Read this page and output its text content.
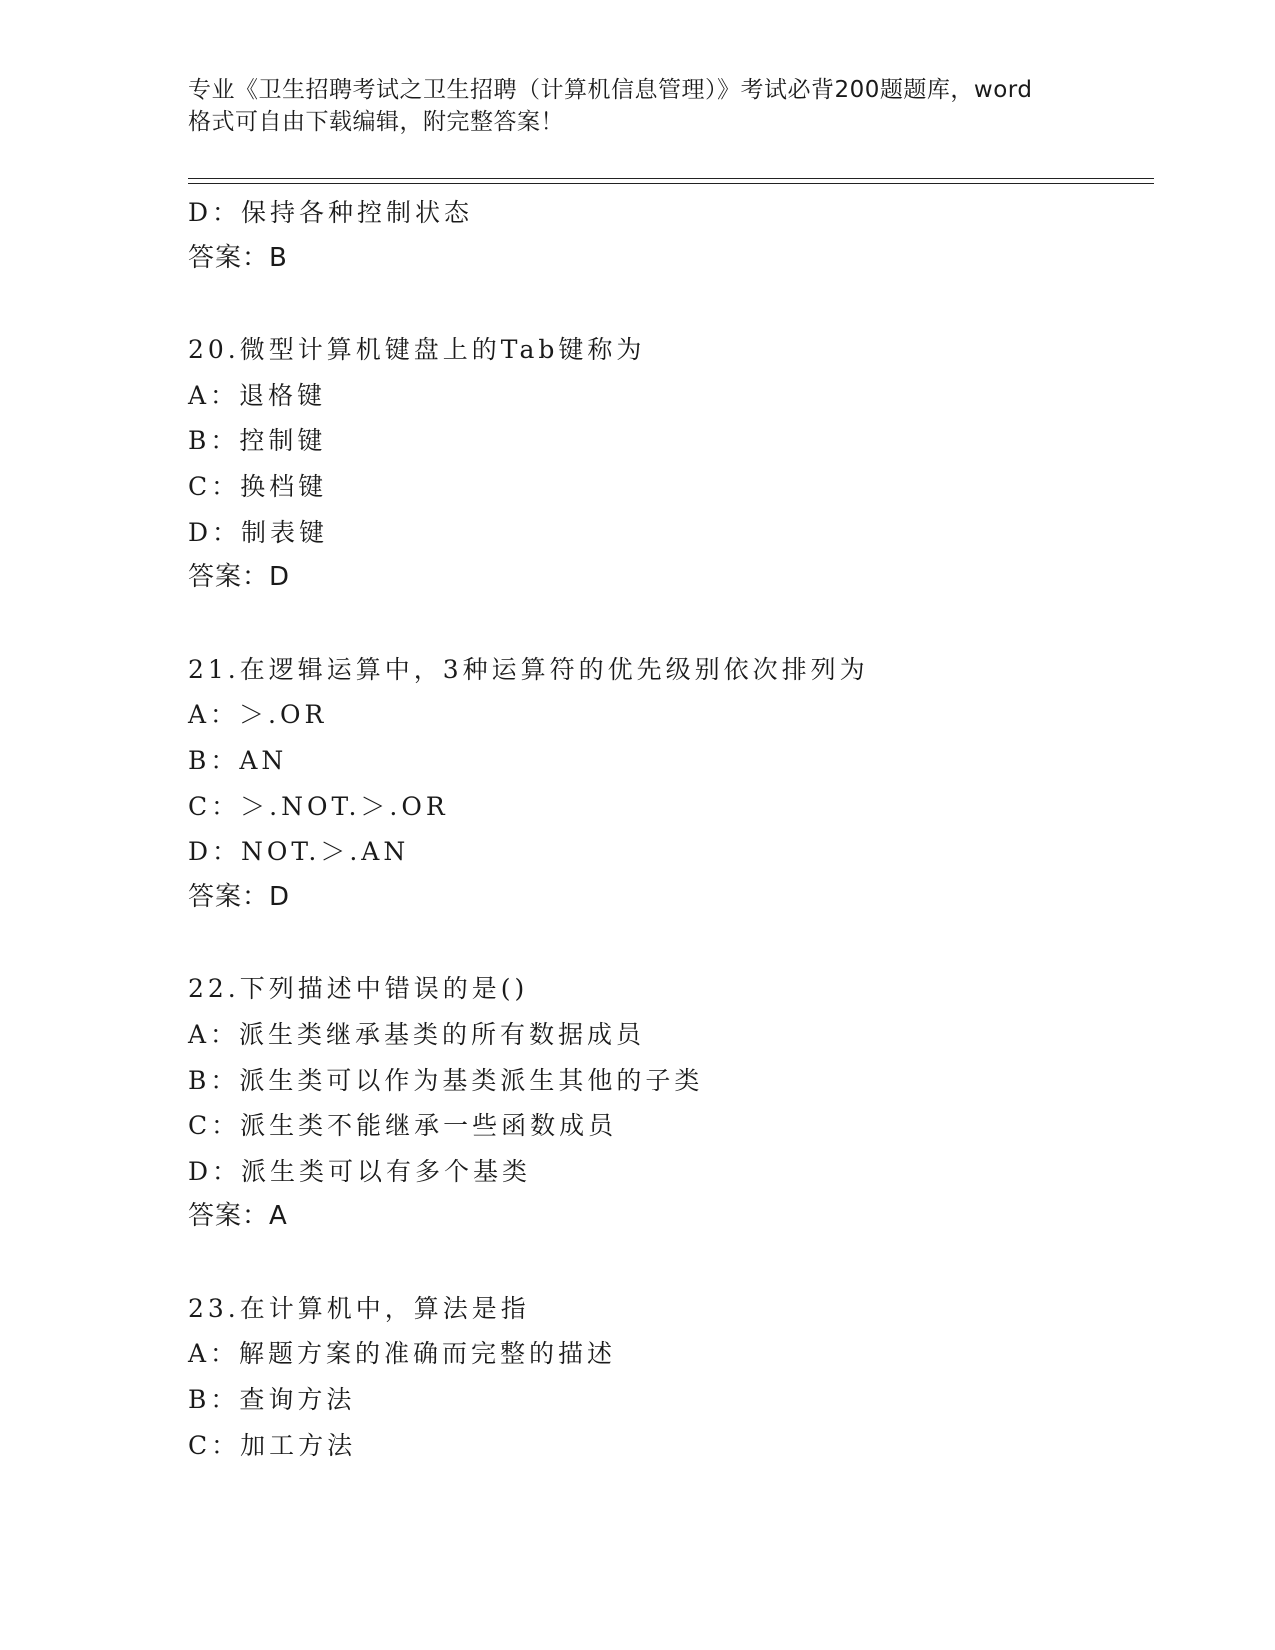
专业《卫生招聘考试之卫生招聘（计算机信息管理）》考试必背200题题库，word
格式可自由下载编辑，附完整答案！
D：保持各种控制状态
答案：B
20.微型计算机键盘上的Tab键称为
A：退格键
B：控制键
C：换档键
D：制表键
答案：D
21.在逻辑运算中，3种运算符的优先级别依次排列为
A：＞.OR
B：AN
C：＞.NOT.＞.OR
D：NOT.＞.AN
答案：D
22.下列描述中错误的是()
A：派生类继承基类的所有数据成员
B：派生类可以作为基类派生其他的子类
C：派生类不能继承一些函数成员
D：派生类可以有多个基类
答案：A
23.在计算机中，算法是指
A：解题方案的准确而完整的描述
B：查询方法
C：加工方法
